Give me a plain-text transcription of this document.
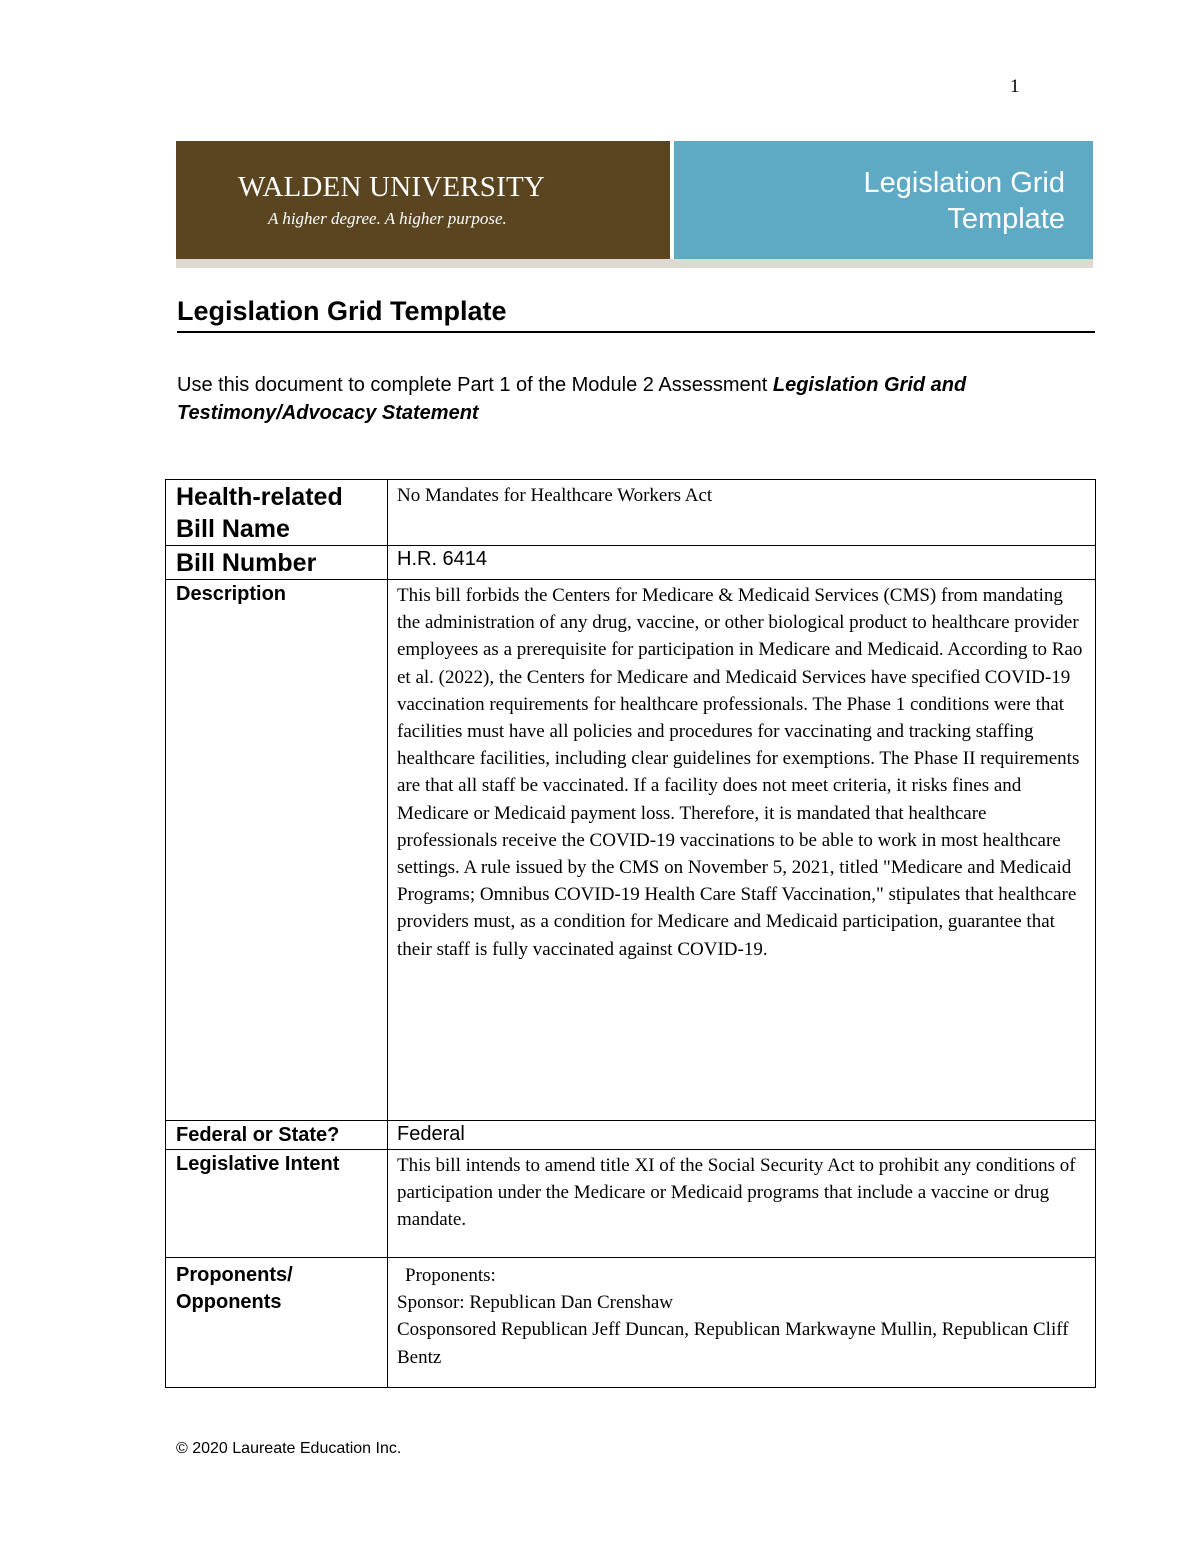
1
WALDEN UNIVERSITY
A higher degree. A higher purpose.
Legislation Grid
Template
Legislation Grid Template
Use this document to complete Part 1 of the Module 2 Assessment Legislation Grid and Testimony/Advocacy Statement
Health-related Bill Name	No Mandates for Healthcare Workers Act
Bill Number	H.R. 6414
Description	This bill forbids the Centers for Medicare & Medicaid Services (CMS) from mandating the administration of any drug, vaccine, or other biological product to healthcare provider employees as a prerequisite for participation in Medicare and Medicaid. According to Rao et al. (2022), the Centers for Medicare and Medicaid Services have specified COVID-19 vaccination requirements for healthcare professionals. The Phase 1 conditions were that facilities must have all policies and procedures for vaccinating and tracking staffing healthcare facilities, including clear guidelines for exemptions. The Phase II requirements are that all staff be vaccinated. If a facility does not meet criteria, it risks fines and Medicare or Medicaid payment loss. Therefore, it is mandated that healthcare professionals receive the COVID-19 vaccinations to be able to work in most healthcare settings. A rule issued by the CMS on November 5, 2021, titled "Medicare and Medicaid Programs; Omnibus COVID-19 Health Care Staff Vaccination," stipulates that healthcare providers must, as a condition for Medicare and Medicaid participation, guarantee that their staff is fully vaccinated against COVID-19.
Federal or State?	Federal
Legislative Intent	This bill intends to amend title XI of the Social Security Act to prohibit any conditions of participation under the Medicare or Medicaid programs that include a vaccine or drug mandate.
Proponents/ Opponents	Proponents:
Sponsor: Republican Dan Crenshaw
Cosponsored Republican Jeff Duncan, Republican Markwayne Mullin, Republican Cliff Bentz
© 2020 Laureate Education Inc.
